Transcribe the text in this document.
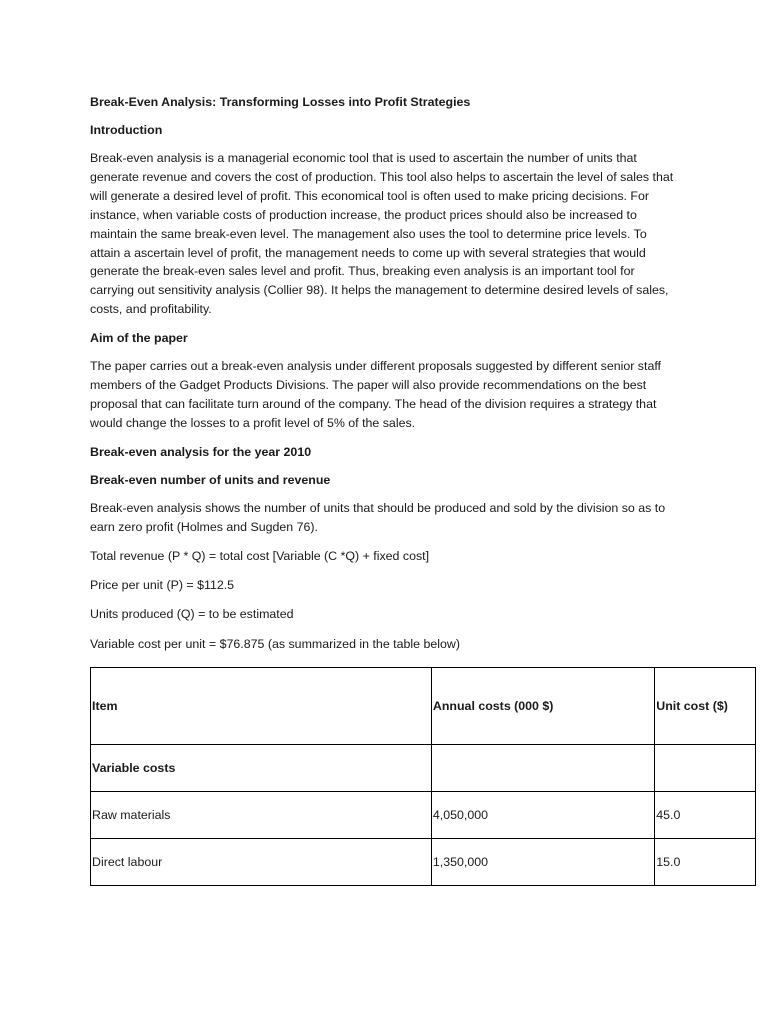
Break-Even Analysis: Transforming Losses into Profit Strategies
Introduction
Break-even analysis is a managerial economic tool that is used to ascertain the number of units that generate revenue and covers the cost of production. This tool also helps to ascertain the level of sales that will generate a desired level of profit. This economical tool is often used to make pricing decisions. For instance, when variable costs of production increase, the product prices should also be increased to maintain the same break-even level. The management also uses the tool to determine price levels. To attain a ascertain level of profit, the management needs to come up with several strategies that would generate the break-even sales level and profit. Thus, breaking even analysis is an important tool for carrying out sensitivity analysis (Collier 98). It helps the management to determine desired levels of sales, costs, and profitability.
Aim of the paper
The paper carries out a break-even analysis under different proposals suggested by different senior staff members of the Gadget Products Divisions. The paper will also provide recommendations on the best proposal that can facilitate turn around of the company. The head of the division requires a strategy that would change the losses to a profit level of 5% of the sales.
Break-even analysis for the year 2010
Break-even number of units and revenue
Break-even analysis shows the number of units that should be produced and sold by the division so as to earn zero profit (Holmes and Sugden 76).
Total revenue (P * Q) = total cost [Variable (C *Q) + fixed cost]
Price per unit (P) = $112.5
Units produced (Q) = to be estimated
Variable cost per unit = $76.875 (as summarized in the table below)
Item	Annual costs (000 $)	Unit cost ($)
Variable costs		
Raw materials	4,050,000	45.0
Direct labour	1,350,000	15.0
